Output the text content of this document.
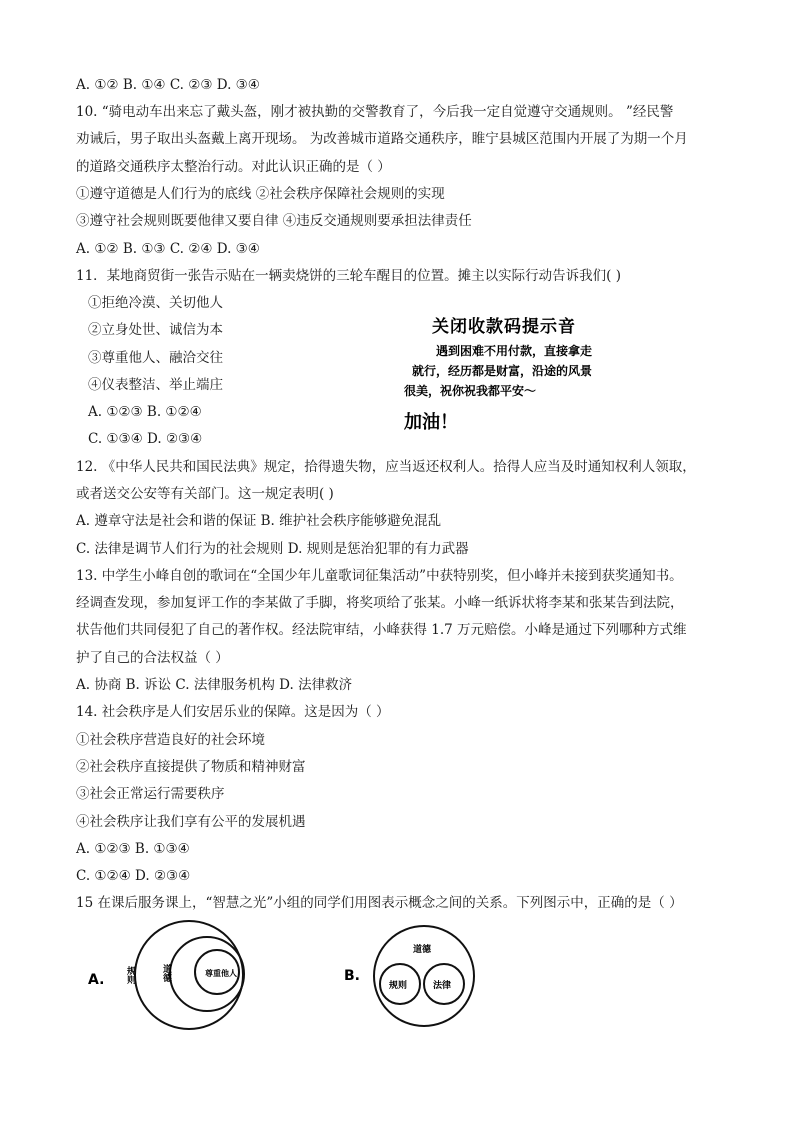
A. ①② B. ①④ C. ②③ D. ③④
10. “骑电动车出来忘了戴头盔，刚才被执勤的交警教育了，今后我一定自觉遵守交通规则。 ”经民警
劝诫后，男子取出头盔戴上离开现场。 为改善城市道路交通秩序，睢宁县城区范围内开展了为期一个月
的道路交通秩序太整治行动。对此认识正确的是（ ）
①遵守道德是人们行为的底线 ②社会秩序保障社会规则的实现
③遵守社会规则既要他律又要自律 ④违反交通规则要承担法律责任
A. ①② B. ①③ C. ②④ D. ③④
11．某地商贸街一张告示贴在一辆卖烧饼的三轮车醒目的位置。摊主以实际行动告诉我们( )
①拒绝冷漠、关切他人
②立身处世、诚信为本
③尊重他人、融洽交往
④仪表整洁、举止端庄
A. ①②③ B. ①②④
C. ①③④ D. ②③④
12. 《中华人民共和国民法典》规定，拾得遗失物，应当返还权利人。拾得人应当及时通知权利人领取，
或者送交公安等有关部门。这一规定表明( )
A. 遵章守法是社会和谐的保证 B. 维护社会秩序能够避免混乱
C. 法律是调节人们行为的社会规则 D. 规则是惩治犯罪的有力武器
13. 中学生小峰自创的歌词在“全国少年儿童歌词征集活动”中获特别奖，但小峰并未接到获奖通知书。
经调查发现，参加复评工作的李某做了手脚，将奖项给了张某。小峰一纸诉状将李某和张某告到法院，
状告他们共同侵犯了自己的著作权。经法院审结，小峰获得 1.7 万元赔偿。小峰是通过下列哪种方式维
护了自己的合法权益（ ）
A. 协商 B. 诉讼 C. 法律服务机构 D. 法律救济
14. 社会秩序是人们安居乐业的保障。这是因为（ ）
①社会秩序营造良好的社会环境
②社会秩序直接提供了物质和精神财富
③社会正常运行需要秩序
④社会秩序让我们享有公平的发展机遇
A. ①②③ B. ①③④
C. ①②④ D. ②③④
15 在课后服务课上，“智慧之光”小组的同学们用图表示概念之间的关系。下列图示中，正确的是（ ）
关闭收款码提示音
遇到困难不用付款，直接拿走
就行，经历都是财富，沿途的风景
很美，祝你祝我都平安～
加油！
A. 规则	道德	尊重他人	B.
道德
规则	法律
